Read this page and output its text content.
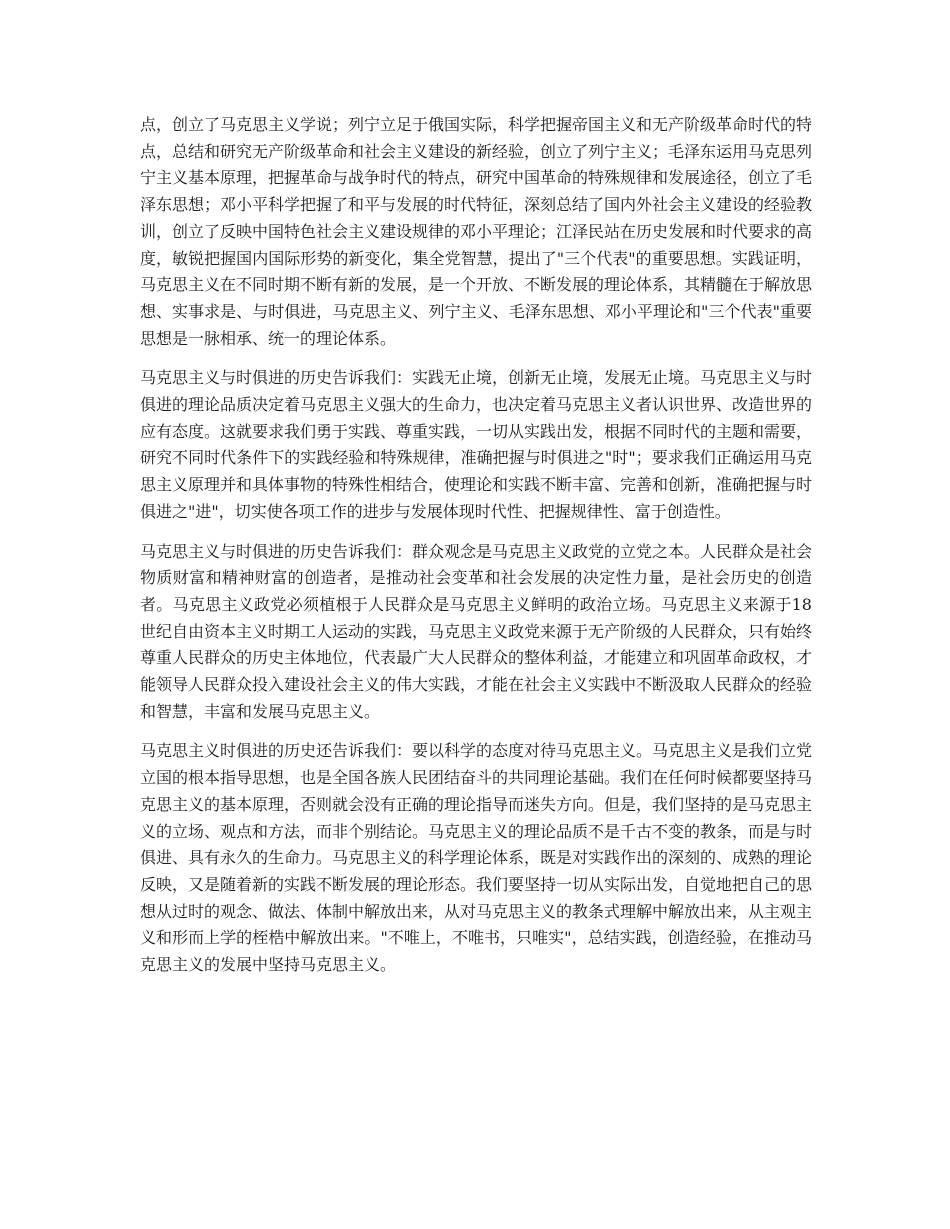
点，创立了马克思主义学说；列宁立足于俄国实际，科学把握帝国主义和无产阶级革命时代的特点，总结和研究无产阶级革命和社会主义建设的新经验，创立了列宁主义；毛泽东运用马克思列宁主义基本原理，把握革命与战争时代的特点，研究中国革命的特殊规律和发展途径，创立了毛泽东思想；邓小平科学把握了和平与发展的时代特征，深刻总结了国内外社会主义建设的经验教训，创立了反映中国特色社会主义建设规律的邓小平理论；江泽民站在历史发展和时代要求的高度，敏锐把握国内国际形势的新变化，集全党智慧，提出了"三个代表"的重要思想。实践证明，马克思主义在不同时期不断有新的发展，是一个开放、不断发展的理论体系，其精髓在于解放思想、实事求是、与时俱进，马克思主义、列宁主义、毛泽东思想、邓小平理论和"三个代表"重要思想是一脉相承、统一的理论体系。

马克思主义与时俱进的历史告诉我们：实践无止境，创新无止境，发展无止境。马克思主义与时俱进的理论品质决定着马克思主义强大的生命力，也决定着马克思主义者认识世界、改造世界的应有态度。这就要求我们勇于实践、尊重实践，一切从实践出发，根据不同时代的主题和需要，研究不同时代条件下的实践经验和特殊规律，准确把握与时俱进之"时"；要求我们正确运用马克思主义原理并和具体事物的特殊性相结合，使理论和实践不断丰富、完善和创新，准确把握与时俱进之"进"，切实使各项工作的进步与发展体现时代性、把握规律性、富于创造性。

马克思主义与时俱进的历史告诉我们：群众观念是马克思主义政党的立党之本。人民群众是社会物质财富和精神财富的创造者，是推动社会变革和社会发展的决定性力量，是社会历史的创造者。马克思主义政党必须植根于人民群众是马克思主义鲜明的政治立场。马克思主义来源于18世纪自由资本主义时期工人运动的实践，马克思主义政党来源于无产阶级的人民群众，只有始终尊重人民群众的历史主体地位，代表最广大人民群众的整体利益，才能建立和巩固革命政权，才能领导人民群众投入建设社会主义的伟大实践，才能在社会主义实践中不断汲取人民群众的经验和智慧，丰富和发展马克思主义。

马克思主义时俱进的历史还告诉我们：要以科学的态度对待马克思主义。马克思主义是我们立党立国的根本指导思想，也是全国各族人民团结奋斗的共同理论基础。我们在任何时候都要坚持马克思主义的基本原理，否则就会没有正确的理论指导而迷失方向。但是，我们坚持的是马克思主义的立场、观点和方法，而非个别结论。马克思主义的理论品质不是千古不变的教条，而是与时俱进、具有永久的生命力。马克思主义的科学理论体系，既是对实践作出的深刻的、成熟的理论反映，又是随着新的实践不断发展的理论形态。我们要坚持一切从实际出发，自觉地把自己的思想从过时的观念、做法、体制中解放出来，从对马克思主义的教条式理解中解放出来，从主观主义和形而上学的桎梏中解放出来。"不唯上，不唯书，只唯实"，总结实践，创造经验，在推动马克思主义的发展中坚持马克思主义。
